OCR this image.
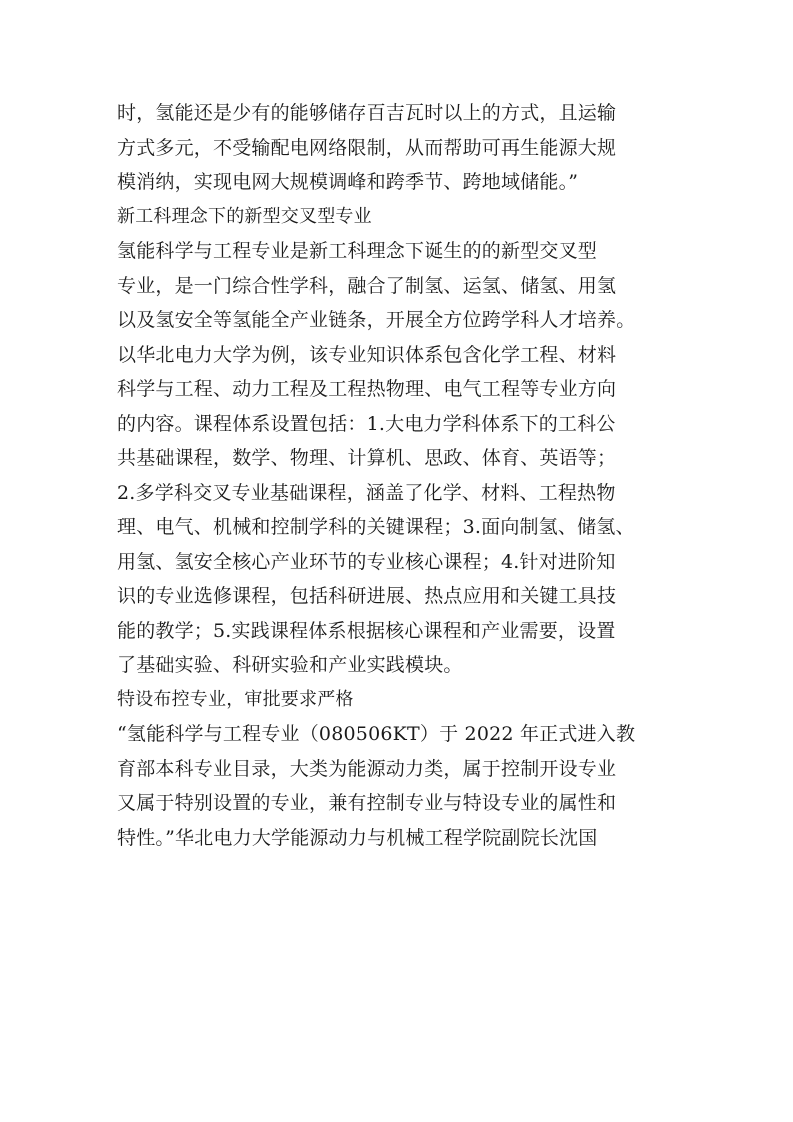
时，氢能还是少有的能够储存百吉瓦时以上的方式，且运输
方式多元，不受输配电网络限制，从而帮助可再生能源大规
模消纳，实现电网大规模调峰和跨季节、跨地域储能。”
新工科理念下的新型交叉型专业
氢能科学与工程专业是新工科理念下诞生的的新型交叉型
专业，是一门综合性学科，融合了制氢、运氢、储氢、用氢
以及氢安全等氢能全产业链条，开展全方位跨学科人才培养。
以华北电力大学为例，该专业知识体系包含化学工程、材料
科学与工程、动力工程及工程热物理、电气工程等专业方向
的内容。课程体系设置包括：1.大电力学科体系下的工科公
共基础课程，数学、物理、计算机、思政、体育、英语等；
2.多学科交叉专业基础课程，涵盖了化学、材料、工程热物
理、电气、机械和控制学科的关键课程；3.面向制氢、储氢、
用氢、氢安全核心产业环节的专业核心课程；4.针对进阶知
识的专业选修课程，包括科研进展、热点应用和关键工具技
能的教学；5.实践课程体系根据核心课程和产业需要，设置
了基础实验、科研实验和产业实践模块。
特设布控专业，审批要求严格
“氢能科学与工程专业（080506KT）于 2022 年正式进入教
育部本科专业目录，大类为能源动力类，属于控制开设专业
又属于特别设置的专业，兼有控制专业与特设专业的属性和
特性。”华北电力大学能源动力与机械工程学院副院长沈国
